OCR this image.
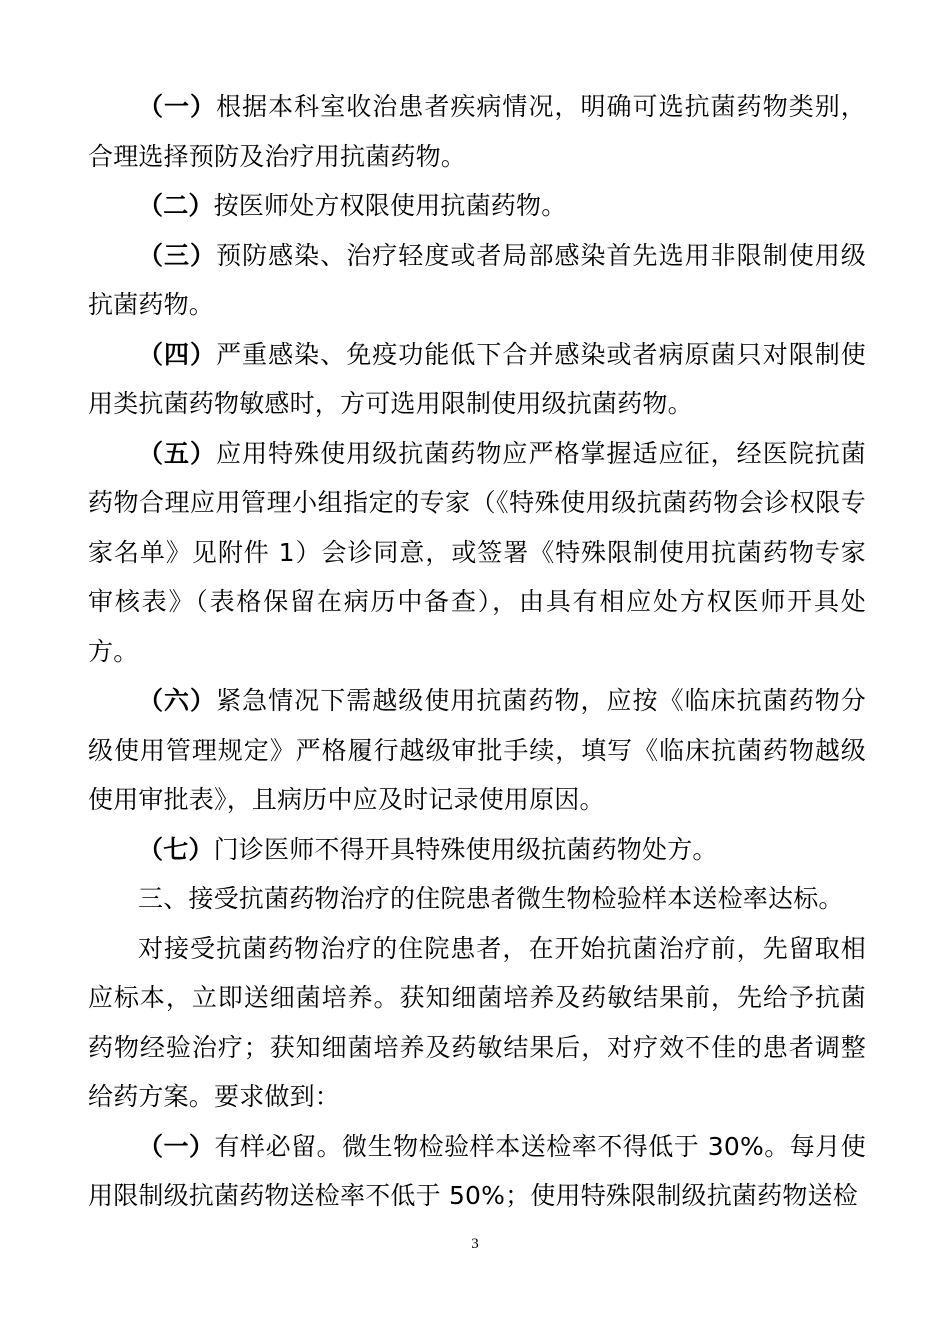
（一）根据本科室收治患者疾病情况，明确可选抗菌药物类别，合理选择预防及治疗用抗菌药物。

（二）按医师处方权限使用抗菌药物。

（三）预防感染、治疗轻度或者局部感染首先选用非限制使用级抗菌药物。

（四）严重感染、免疫功能低下合并感染或者病原菌只对限制使用类抗菌药物敏感时，方可选用限制使用级抗菌药物。

（五）应用特殊使用级抗菌药物应严格掌握适应征，经医院抗菌药物合理应用管理小组指定的专家（《特殊使用级抗菌药物会诊权限专家名单》见附件 1）会诊同意，或签署《特殊限制使用抗菌药物专家审核表》（表格保留在病历中备查），由具有相应处方权医师开具处方。

（六）紧急情况下需越级使用抗菌药物，应按《临床抗菌药物分级使用管理规定》严格履行越级审批手续，填写《临床抗菌药物越级使用审批表》，且病历中应及时记录使用原因。

（七）门诊医师不得开具特殊使用级抗菌药物处方。

三、接受抗菌药物治疗的住院患者微生物检验样本送检率达标。

对接受抗菌药物治疗的住院患者，在开始抗菌治疗前，先留取相应标本，立即送细菌培养。获知细菌培养及药敏结果前，先给予抗菌药物经验治疗；获知细菌培养及药敏结果后，对疗效不佳的患者调整给药方案。要求做到：

（一）有样必留。微生物检验样本送检率不得低于 30%。每月使用限制级抗菌药物送检率不低于 50%；使用特殊限制级抗菌药物送检

3
